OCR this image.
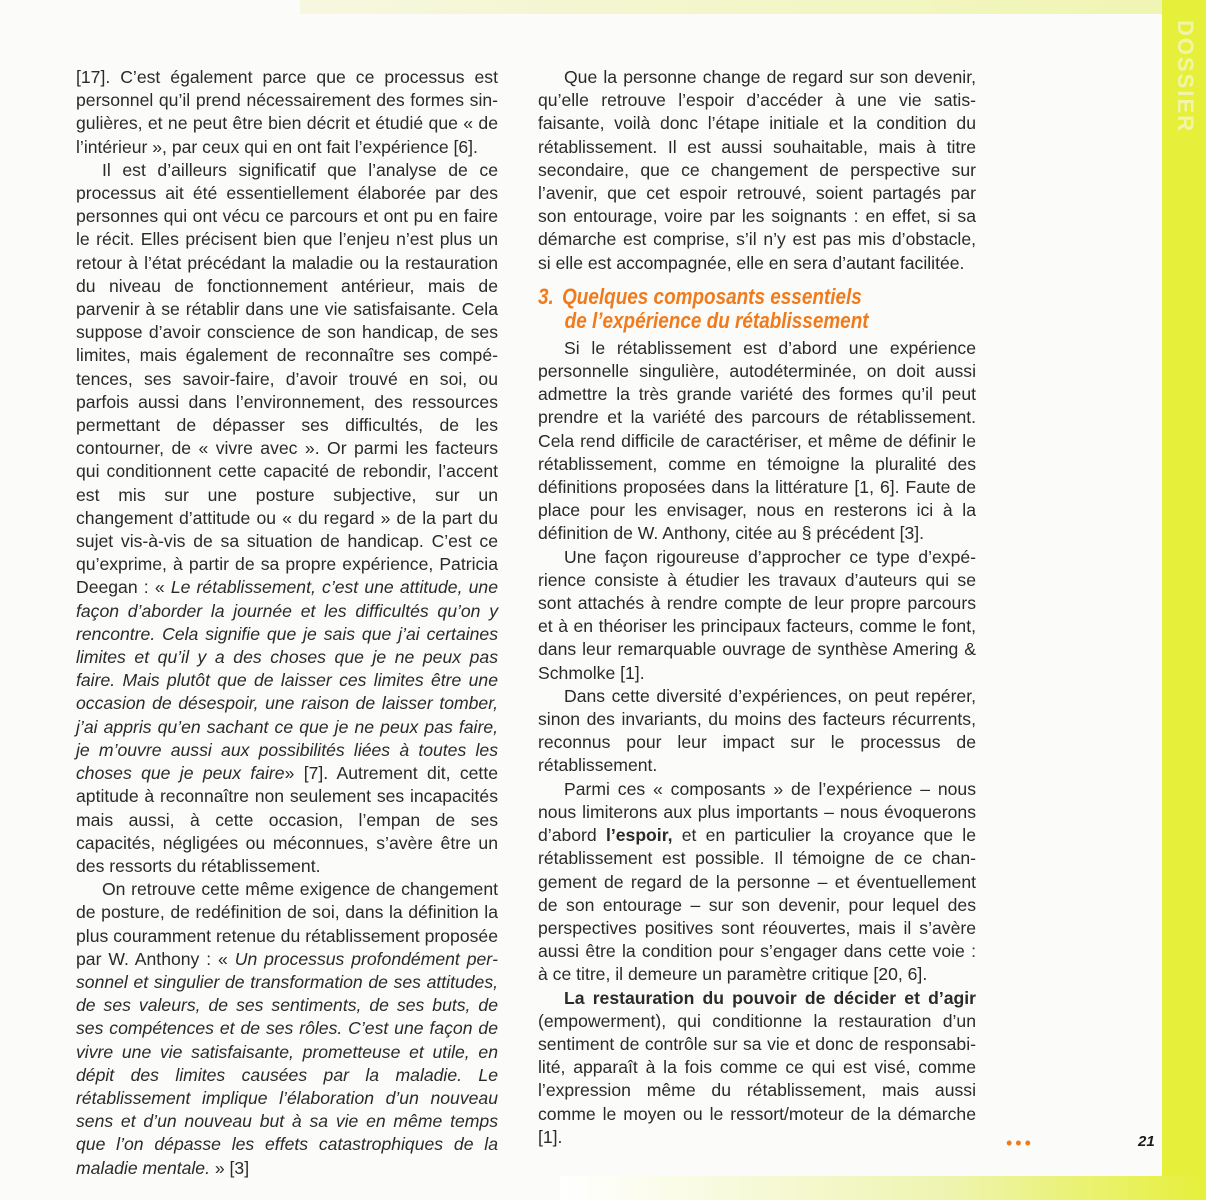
DOSSIER

[17]. C’est également parce que ce processus est personnel qu’il prend nécessairement des formes singulières, et ne peut être bien décrit et étudié que « de l’intérieur », par ceux qui en ont fait l’expérience [6].

Il est d’ailleurs significatif que l’analyse de ce processus ait été essentiellement élaborée par des personnes qui ont vécu ce parcours et ont pu en faire le récit. Elles précisent bien que l’enjeu n’est plus un retour à l’état précédant la maladie ou la restauration du niveau de fonctionnement antérieur, mais de parvenir à se rétablir dans une vie satisfaisante. Cela suppose d’avoir conscience de son handicap, de ses limites, mais également de reconnaître ses compétences, ses savoir-faire, d’avoir trouvé en soi, ou parfois aussi dans l’environnement, des ressources permettant de dépasser ses difficultés, de les contourner, de « vivre avec ». Or parmi les facteurs qui conditionnent cette capacité de rebondir, l’accent est mis sur une posture subjective, sur un changement d’attitude ou « du regard » de la part du sujet vis-à-vis de sa situation de handicap. C’est ce qu’exprime, à partir de sa propre expérience, Patricia Deegan : « Le rétablissement, c’est une attitude, une façon d’aborder la journée et les difficultés qu’on y rencontre. Cela signifie que je sais que j’ai certaines limites et qu’il y a des choses que je ne peux pas faire. Mais plutôt que de laisser ces limites être une occasion de désespoir, une raison de laisser tomber, j’ai appris qu’en sachant ce que je ne peux pas faire, je m’ouvre aussi aux possibilités liées à toutes les choses que je peux faire» [7]. Autrement dit, cette aptitude à reconnaître non seulement ses incapacités mais aussi, à cette occasion, l’empan de ses capacités, négligées ou méconnues, s’avère être un des ressorts du rétablissement.

On retrouve cette même exigence de changement de posture, de redéfinition de soi, dans la définition la plus couramment retenue du rétablissement proposée par W. Anthony : « Un processus profondément personnel et singulier de transformation de ses attitudes, de ses valeurs, de ses sentiments, de ses buts, de ses compétences et de ses rôles. C’est une façon de vivre une vie satisfaisante, prometteuse et utile, en dépit des limites causées par la maladie. Le rétablissement implique l’élaboration d’un nouveau sens et d’un nouveau but à sa vie en même temps que l’on dépasse les effets catastrophiques de la maladie mentale. » [3]

Que la personne change de regard sur son devenir, qu’elle retrouve l’espoir d’accéder à une vie satisfaisante, voilà donc l’étape initiale et la condition du rétablissement. Il est aussi souhaitable, mais à titre secondaire, que ce changement de perspective sur l’avenir, que cet espoir retrouvé, soient partagés par son entourage, voire par les soignants : en effet, si sa démarche est comprise, s’il n’y est pas mis d’obstacle, si elle est accompagnée, elle en sera d’autant facilitée.

3. Quelques composants essentiels
de l’expérience du rétablissement

Si le rétablissement est d’abord une expérience personnelle singulière, autodéterminée, on doit aussi admettre la très grande variété des formes qu’il peut prendre et la variété des parcours de rétablissement. Cela rend difficile de caractériser, et même de définir le rétablissement, comme en témoigne la pluralité des définitions proposées dans la littérature [1, 6]. Faute de place pour les envisager, nous en resterons ici à la définition de W. Anthony, citée au § précédent [3].

Une façon rigoureuse d’approcher ce type d’expérience consiste à étudier les travaux d’auteurs qui se sont attachés à rendre compte de leur propre parcours et à en théoriser les principaux facteurs, comme le font, dans leur remarquable ouvrage de synthèse Amering & Schmolke [1].

Dans cette diversité d’expériences, on peut repérer, sinon des invariants, du moins des facteurs récurrents, reconnus pour leur impact sur le processus de rétablissement.

Parmi ces « composants » de l’expérience – nous nous limiterons aux plus importants – nous évoquerons d’abord l’espoir, et en particulier la croyance que le rétablissement est possible. Il témoigne de ce changement de regard de la personne – et éventuellement de son entourage – sur son devenir, pour lequel des perspectives positives sont réouvertes, mais il s’avère aussi être la condition pour s’engager dans cette voie : à ce titre, il demeure un paramètre critique [20, 6].

La restauration du pouvoir de décider et d’agir (empowerment), qui conditionne la restauration d’un sentiment de contrôle sur sa vie et donc de responsabilité, apparaît à la fois comme ce qui est visé, comme l’expression même du rétablissement, mais aussi comme le moyen ou le ressort/moteur de la démarche [1].	•••	21
